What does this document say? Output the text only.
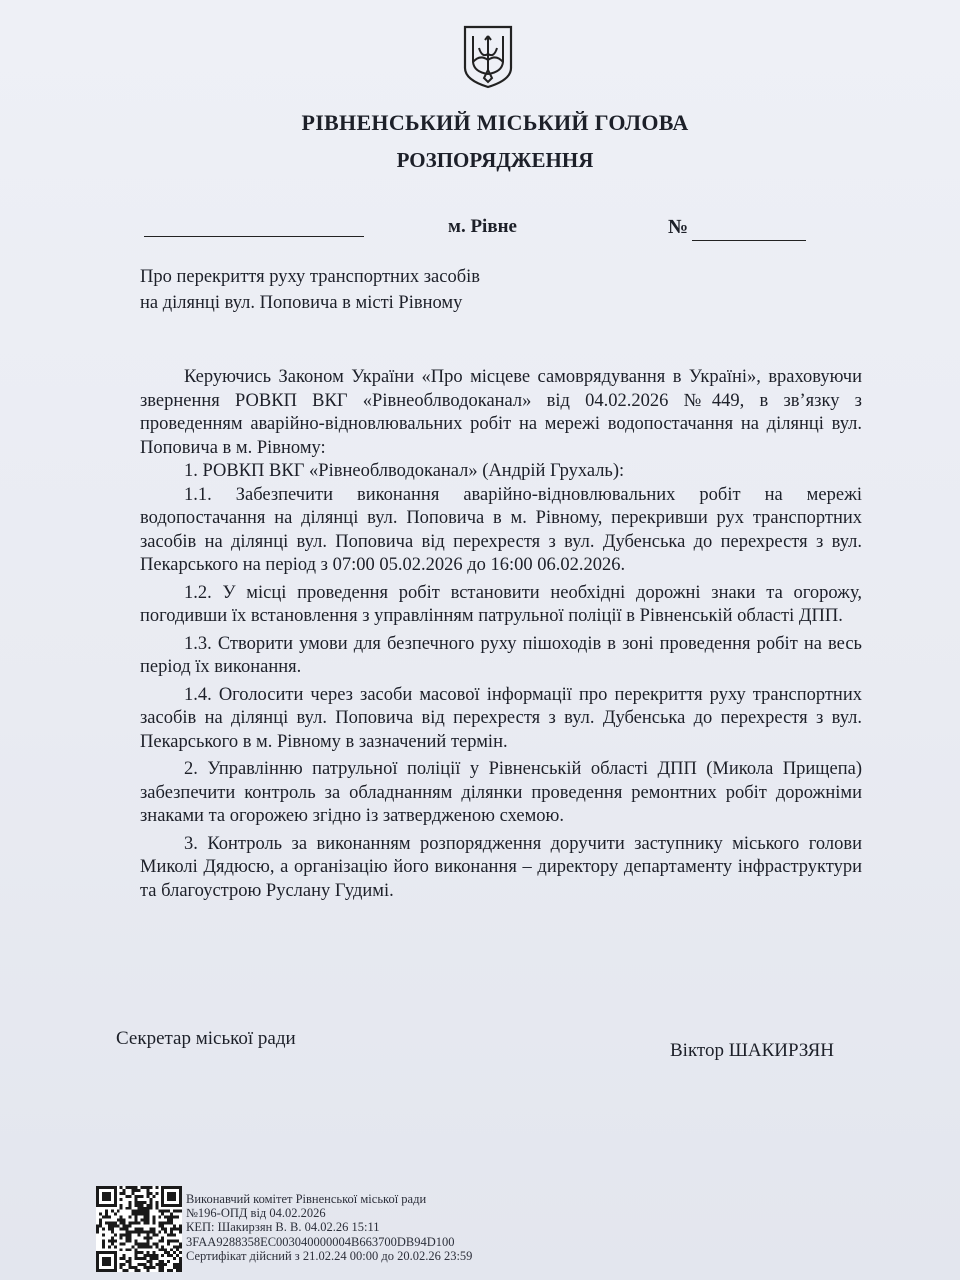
РІВНЕНСЬКИЙ МІСЬКИЙ ГОЛОВА
РОЗПОРЯДЖЕННЯ
м. Рівне	№
Про перекриття руху транспортних засобів
на ділянці вул. Поповича в місті Рівному

Керуючись Законом України «Про місцеве самоврядування в Україні», враховуючи звернення РОВКП ВКГ «Рівнеоблводоканал» від 04.02.2026 №449, в зв’язку з проведенням аварійно-відновлювальних робіт на мережі водопостачання на ділянці вул. Поповича в м. Рівному:

1. РОВКП ВКГ «Рівнеоблводоканал» (Андрій Грухаль):

1.1. Забезпечити виконання аварійно-відновлювальних робіт на мережі водопостачання на ділянці вул. Поповича в м. Рівному, перекривши рух транспортних засобів на ділянці вул. Поповича від перехрестя з вул. Дубенська до перехрестя з вул. Пекарського на період з 07:00 05.02.2026 до 16:00 06.02.2026.

1.2. У місці проведення робіт встановити необхідні дорожні знаки та огорожу, погодивши їх встановлення з управлінням патрульної поліції в Рівненській області ДПП.

1.3. Створити умови для безпечного руху пішоходів в зоні проведення робіт на весь період їх виконання.

1.4. Оголосити через засоби масової інформації про перекриття руху транспортних засобів на ділянці вул. Поповича від перехрестя з вул. Дубенська до перехрестя з вул. Пекарського в м. Рівному в зазначений термін.

2. Управлінню патрульної поліції у Рівненській області ДПП (Микола Прищепа) забезпечити контроль за обладнанням ділянки проведення ремонтних робіт дорожніми знаками та огорожею згідно із затвердженою схемою.

3. Контроль за виконанням розпорядження доручити заступнику міського голови Миколі Дядюсю, а організацію його виконання – директору департаменту інфраструктури та благоустрою Руслану Гудимі.

Секретар міської ради
Віктор ШАКИРЗЯН
Виконавчий комітет Рівненської міської ради
№196-ОПД від 04.02.2026
КЕП: Шакирзян В. В. 04.02.26 15:11
3FAA9288358EC003040000004B663700DB94D100
Сертифікат дійсний з 21.02.24 00:00 до 20.02.26 23:59
